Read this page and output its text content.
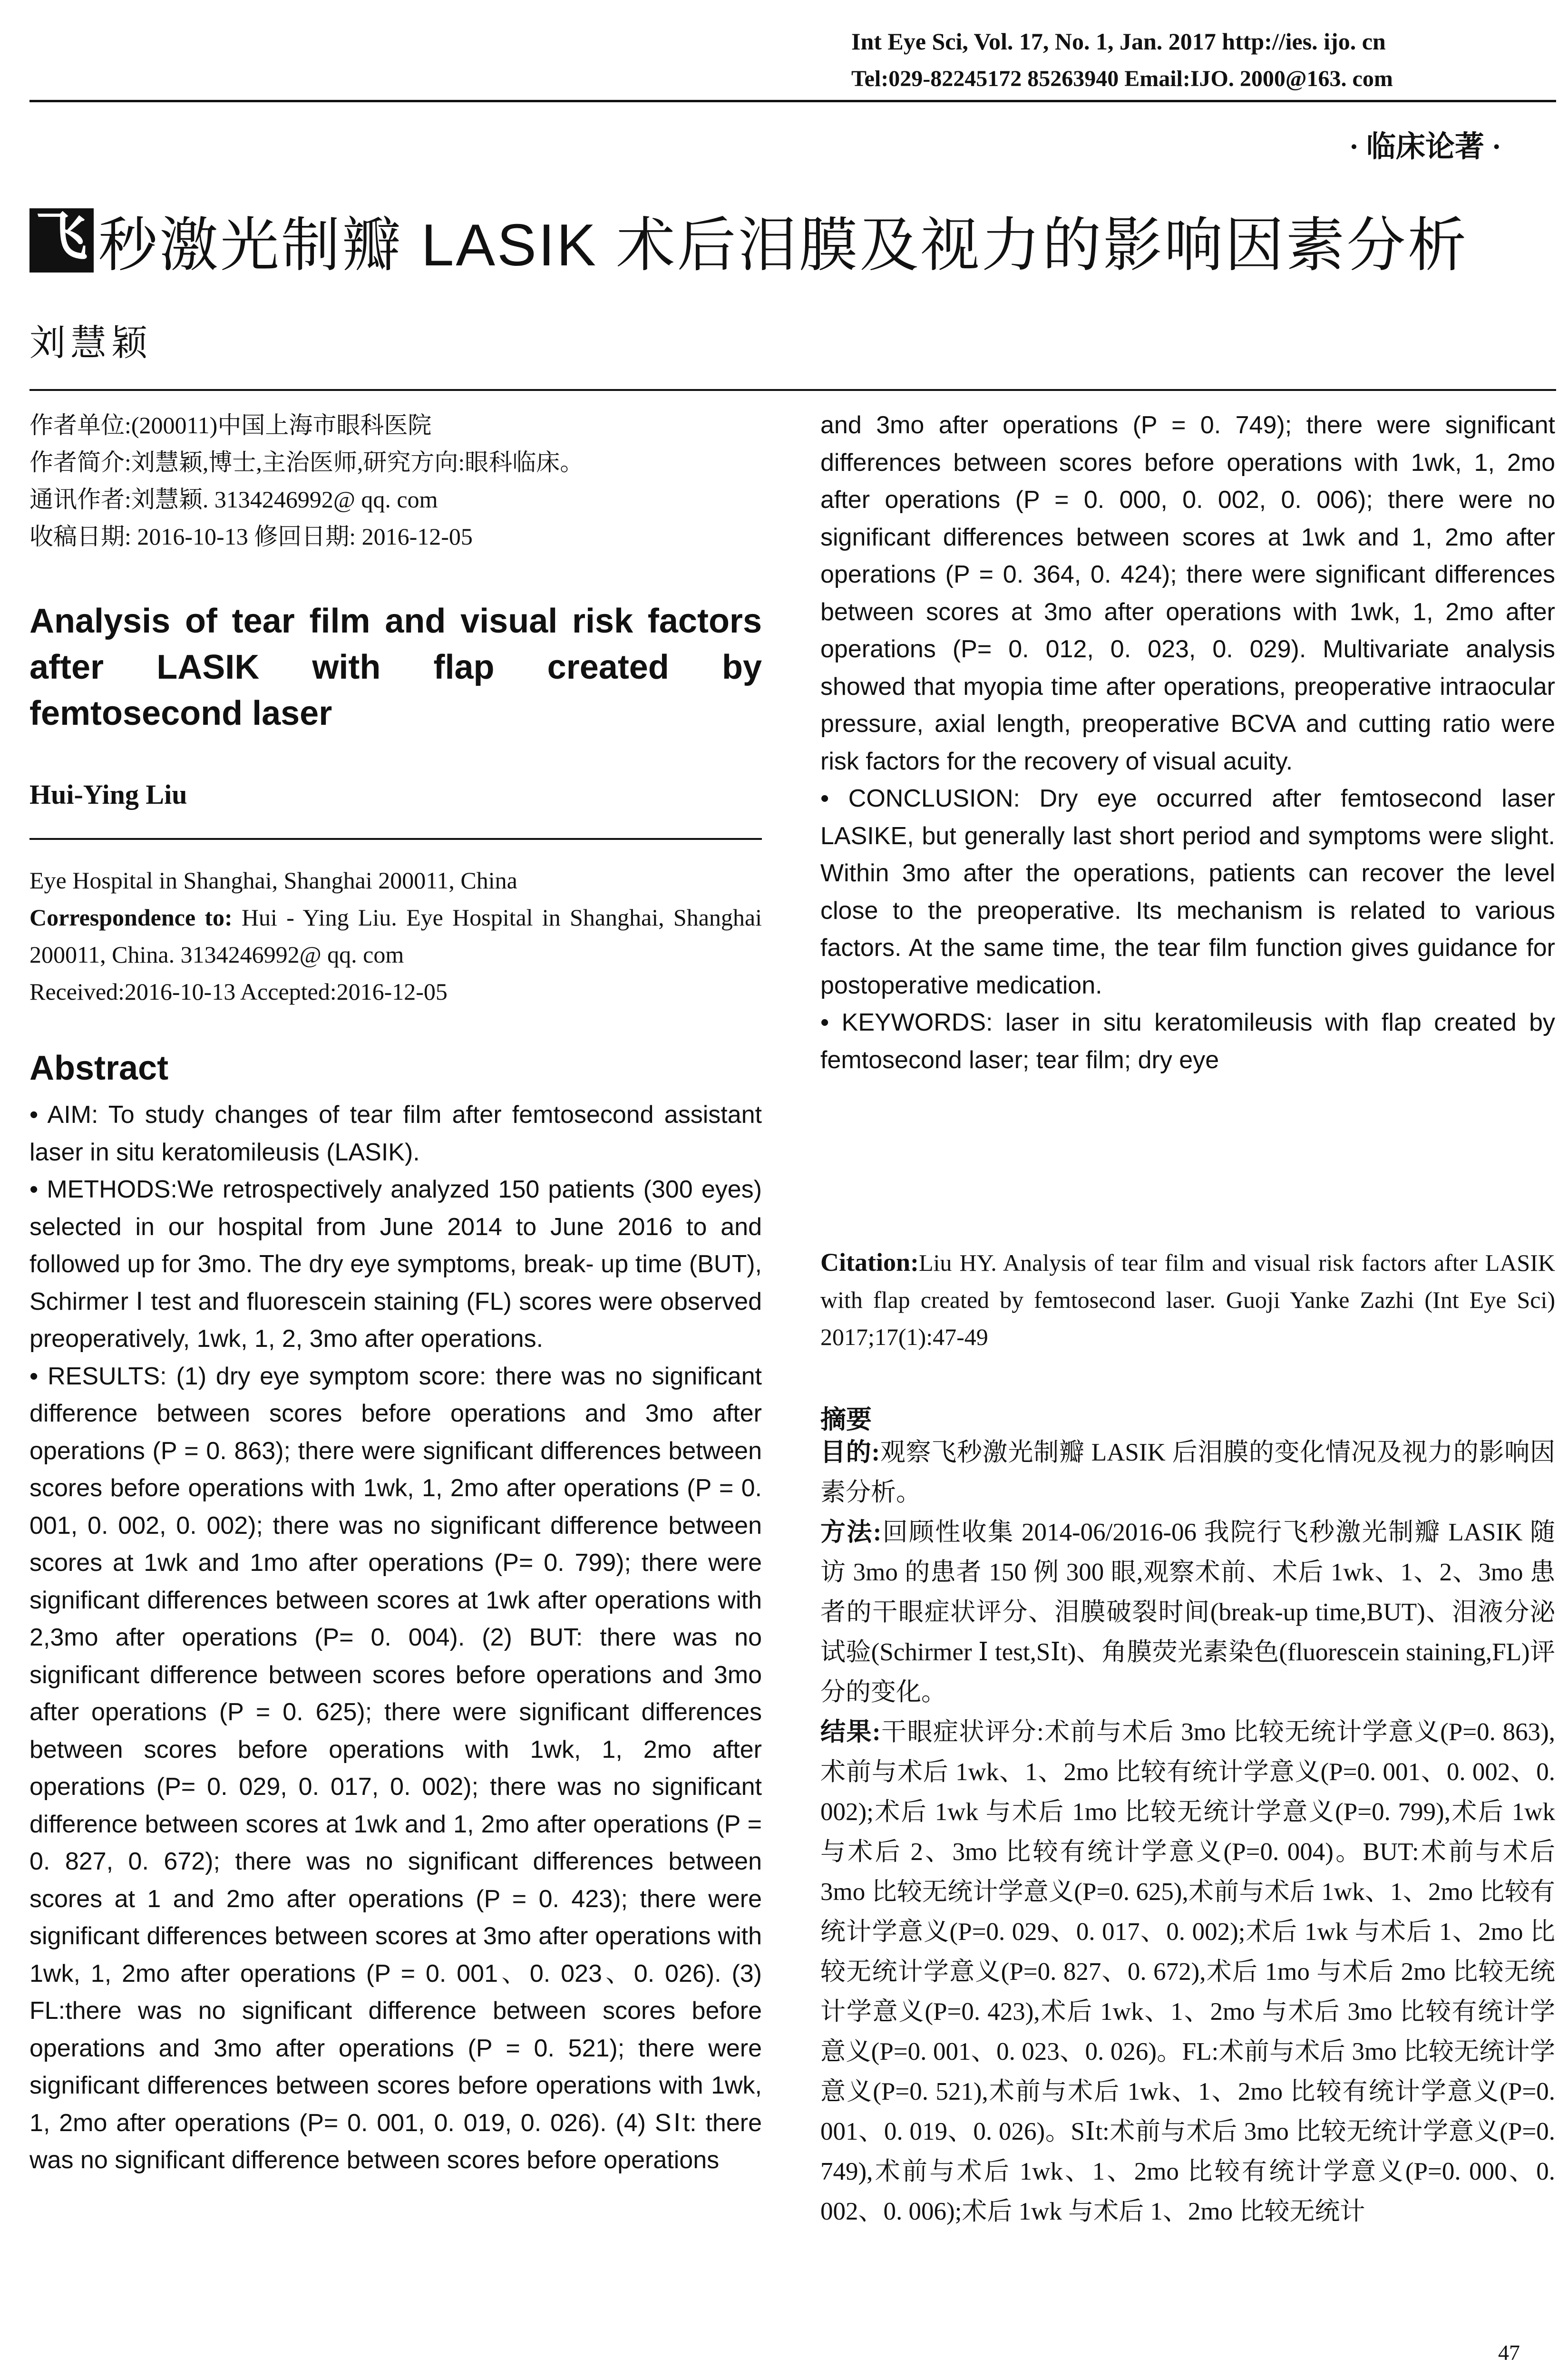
Int Eye Sci, Vol. 17, No. 1, Jan. 2017 http://ies. ijo. cn
Tel:029-82245172 85263940 Email:IJO. 2000@163. com
· 临床论著 ·
飞 秒激光制瓣 LASIK 术后泪膜及视力的影响因素分析
刘慧颖
作者单位:(200011)中国上海市眼科医院
作者简介:刘慧颖,博士,主治医师,研究方向:眼科临床。
通讯作者:刘慧颖. 3134246992@ qq. com
收稿日期: 2016-10-13 修回日期: 2016-12-05
Analysis of tear film and visual risk factors after LASIK with flap created by femtosecond laser
Hui-Ying Liu
Eye Hospital in Shanghai, Shanghai 200011, China
Correspondence to: Hui - Ying Liu. Eye Hospital in Shanghai, Shanghai 200011, China. 3134246992@ qq. com
Received:2016-10-13 Accepted:2016-12-05
Abstract
• AIM: To study changes of tear film after femtosecond assistant laser in situ keratomileusis (LASIK).
• METHODS:We retrospectively analyzed 150 patients (300 eyes) selected in our hospital from June 2014 to June 2016 to and followed up for 3mo. The dry eye symptoms, break- up time (BUT), Schirmer Ⅰ test and fluorescein staining (FL) scores were observed preoperatively, 1wk, 1, 2, 3mo after operations.
• RESULTS: (1) dry eye symptom score: there was no significant difference between scores before operations and 3mo after operations (P = 0. 863); there were significant differences between scores before operations with 1wk, 1, 2mo after operations (P = 0. 001, 0. 002, 0. 002); there was no significant difference between scores at 1wk and 1mo after operations (P= 0. 799); there were significant differences between scores at 1wk after operations with 2,3mo after operations (P= 0. 004). (2) BUT: there was no significant difference between scores before operations and 3mo after operations (P = 0. 625); there were significant differences between scores before operations with 1wk, 1, 2mo after operations (P= 0. 029, 0. 017, 0. 002); there was no significant difference between scores at 1wk and 1, 2mo after operations (P = 0. 827, 0. 672); there was no significant differences between scores at 1 and 2mo after operations (P = 0. 423); there were significant differences between scores at 3mo after operations with 1wk, 1, 2mo after operations (P = 0. 001、0. 023、0. 026). (3) FL:there was no significant difference between scores before operations and 3mo after operations (P = 0. 521); there were significant differences between scores before operations with 1wk, 1, 2mo after operations (P= 0. 001, 0. 019, 0. 026). (4) SⅠt: there was no significant difference between scores before operations
and 3mo after operations (P = 0. 749); there were significant differences between scores before operations with 1wk, 1, 2mo after operations (P = 0. 000, 0. 002, 0. 006); there were no significant differences between scores at 1wk and 1, 2mo after operations (P = 0. 364, 0. 424); there were significant differences between scores at 3mo after operations with 1wk, 1, 2mo after operations (P= 0. 012, 0. 023, 0. 029). Multivariate analysis showed that myopia time after operations, preoperative intraocular pressure, axial length, preoperative BCVA and cutting ratio were risk factors for the recovery of visual acuity.
• CONCLUSION: Dry eye occurred after femtosecond laser LASIKE, but generally last short period and symptoms were slight. Within 3mo after the operations, patients can recover the level close to the preoperative. Its mechanism is related to various factors. At the same time, the tear film function gives guidance for postoperative medication.
• KEYWORDS: laser in situ keratomileusis with flap created by femtosecond laser; tear film; dry eye
Citation:Liu HY. Analysis of tear film and visual risk factors after LASIK with flap created by femtosecond laser. Guoji Yanke Zazhi (Int Eye Sci) 2017;17(1):47-49
摘要
目的:观察飞秒激光制瓣 LASIK 后泪膜的变化情况及视力的影响因素分析。
方法:回顾性收集 2014-06/2016-06 我院行飞秒激光制瓣 LASIK 随访 3mo 的患者 150 例 300 眼,观察术前、术后 1wk、1、2、3mo 患者的干眼症状评分、泪膜破裂时间(break-up time,BUT)、泪液分泌试验(Schirmer Ⅰ test,SⅠt)、角膜荧光素染色(fluorescein staining,FL)评分的变化。
结果:干眼症状评分:术前与术后 3mo 比较无统计学意义(P=0. 863),术前与术后 1wk、1、2mo 比较有统计学意义(P=0. 001、0. 002、0. 002);术后 1wk 与术后 1mo 比较无统计学意义(P=0. 799),术后 1wk 与术后 2、3mo 比较有统计学意义(P=0. 004)。BUT:术前与术后 3mo 比较无统计学意义(P=0. 625),术前与术后 1wk、1、2mo 比较有统计学意义(P=0. 029、0. 017、0. 002);术后 1wk 与术后 1、2mo 比较无统计学意义(P=0. 827、0. 672),术后 1mo 与术后 2mo 比较无统计学意义(P=0. 423),术后 1wk、1、2mo 与术后 3mo 比较有统计学意义(P=0. 001、0. 023、0. 026)。FL:术前与术后 3mo 比较无统计学意义(P=0. 521),术前与术后 1wk、1、2mo 比较有统计学意义(P=0. 001、0. 019、0. 026)。SⅠt:术前与术后 3mo 比较无统计学意义(P=0. 749),术前与术后 1wk、1、2mo 比较有统计学意义(P=0. 000、0. 002、0. 006);术后 1wk 与术后 1、2mo 比较无统计
47
